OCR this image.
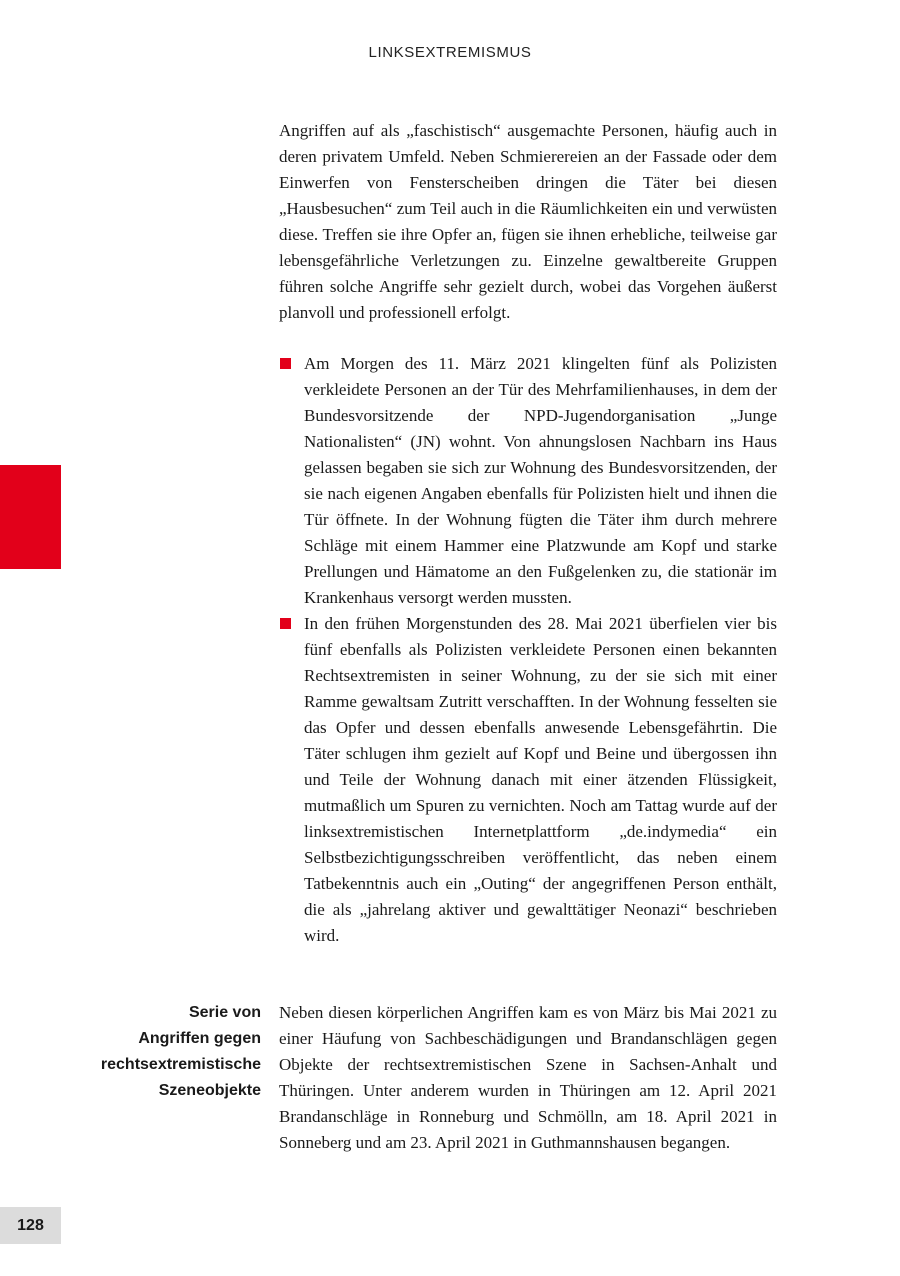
LINKSEXTREMISMUS

Angriffen auf als „faschistisch“ ausgemachte Personen, häufig auch in deren privatem Umfeld. Neben Schmierereien an der Fassade oder dem Einwerfen von Fensterscheiben dringen die Täter bei diesen „Hausbesuchen“ zum Teil auch in die Räumlichkeiten ein und verwüsten diese. Treffen sie ihre Opfer an, fügen sie ihnen erhebliche, teilweise gar lebensgefährliche Verletzungen zu. Einzelne gewaltbereite Gruppen führen solche Angriffe sehr gezielt durch, wobei das Vorgehen äußerst planvoll und professionell erfolgt.

Am Morgen des 11. März 2021 klingelten fünf als Polizisten verkleidete Personen an der Tür des Mehrfamilienhauses, in dem der Bundesvorsitzende der NPD-Jugendorganisation „Junge Nationalisten“ (JN) wohnt. Von ahnungslosen Nachbarn ins Haus gelassen begaben sie sich zur Wohnung des Bundesvorsitzenden, der sie nach eigenen Angaben ebenfalls für Polizisten hielt und ihnen die Tür öffnete. In der Wohnung fügten die Täter ihm durch mehrere Schläge mit einem Hammer eine Platzwunde am Kopf und starke Prellungen und Hämatome an den Fußgelenken zu, die stationär im Krankenhaus versorgt werden mussten.
In den frühen Morgenstunden des 28. Mai 2021 überfielen vier bis fünf ebenfalls als Polizisten verkleidete Personen einen bekannten Rechtsextremisten in seiner Wohnung, zu der sie sich mit einer Ramme gewaltsam Zutritt verschafften. In der Wohnung fesselten sie das Opfer und dessen ebenfalls anwesende Lebensgefährtin. Die Täter schlugen ihm gezielt auf Kopf und Beine und übergossen ihn und Teile der Wohnung danach mit einer ätzenden Flüssigkeit, mutmaßlich um Spuren zu vernichten. Noch am Tattag wurde auf der linksextremistischen Internetplattform „de.indymedia“ ein Selbstbezichtigungsschreiben veröffentlicht, das neben einem Tatbekenntnis auch ein „Outing“ der angegriffenen Person enthält, die als „jahrelang aktiver und gewalttätiger Neonazi“ beschrieben wird.
Serie von
Angriffen gegen
rechtsextremistische
Szeneobjekte

Neben diesen körperlichen Angriffen kam es von März bis Mai 2021 zu einer Häufung von Sachbeschädigungen und Brandanschlägen gegen Objekte der rechtsextremistischen Szene in Sachsen-Anhalt und Thüringen. Unter anderem wurden in Thüringen am 12. April 2021 Brandanschläge in Ronneburg und Schmölln, am 18. April 2021 in Sonneberg und am 23. April 2021 in Guthmannshausen begangen.

128
